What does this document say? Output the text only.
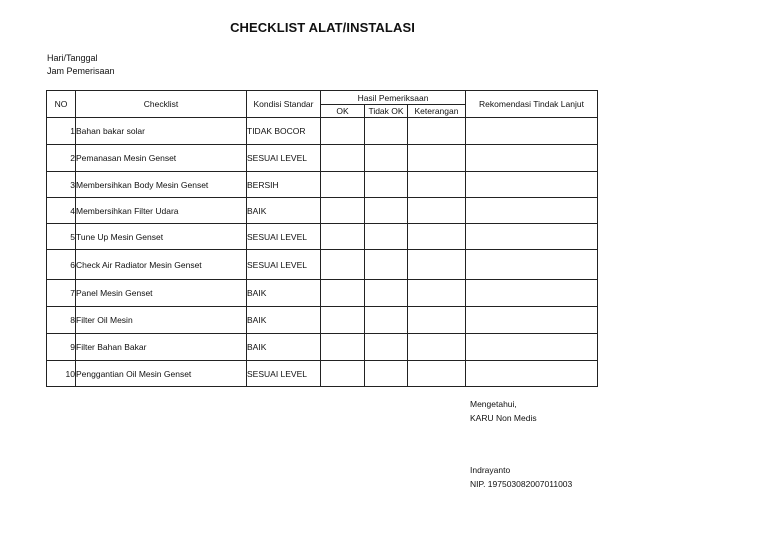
CHECKLIST ALAT/INSTALASI
Hari/Tanggal
Jam Pemerisaan
NO	Checklist	Kondisi Standar	Hasil Pemeriksaan			Rekomendasi Tindak Lanjut
			OK	Tidak OK	Keterangan	
1	Bahan bakar solar	TIDAK BOCOR				
2	Pemanasan Mesin Genset	SESUAI LEVEL				
3	Membersihkan Body Mesin Genset	BERSIH				
4	Membersihkan Filter Udara	BAIK				
5	Tune Up Mesin Genset	SESUAI LEVEL				
6	Check Air Radiator Mesin Genset	SESUAI LEVEL				
7	Panel Mesin Genset	BAIK				
8	Filter Oil Mesin	BAIK				
9	Filter Bahan Bakar	BAIK				
10	Penggantian Oil Mesin Genset	SESUAI LEVEL				
Mengetahui,
KARU Non Medis
Indrayanto
NIP. 197503082007011003
